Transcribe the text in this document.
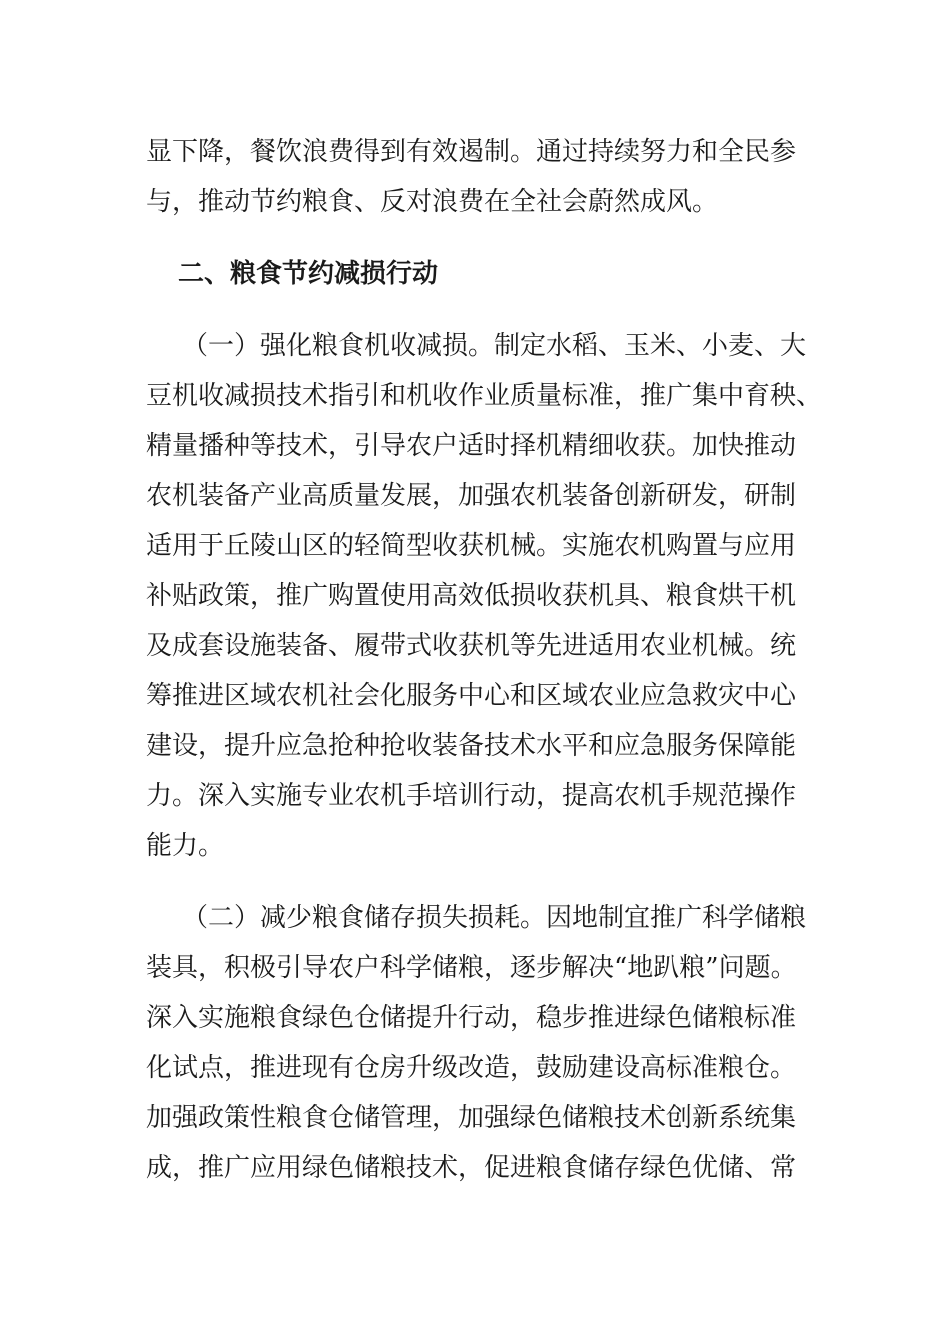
显下降，餐饮浪费得到有效遏制。通过持续努力和全民参
与，推动节约粮食、反对浪费在全社会蔚然成风。
二、粮食节约减损行动
（一）强化粮食机收减损。制定水稻、玉米、小麦、大
豆机收减损技术指引和机收作业质量标准，推广集中育秧、
精量播种等技术，引导农户适时择机精细收获。加快推动
农机装备产业高质量发展，加强农机装备创新研发，研制
适用于丘陵山区的轻简型收获机械。实施农机购置与应用
补贴政策，推广购置使用高效低损收获机具、粮食烘干机
及成套设施装备、履带式收获机等先进适用农业机械。统
筹推进区域农机社会化服务中心和区域农业应急救灾中心
建设，提升应急抢种抢收装备技术水平和应急服务保障能
力。深入实施专业农机手培训行动，提高农机手规范操作
能力。
（二）减少粮食储存损失损耗。因地制宜推广科学储粮
装具，积极引导农户科学储粮，逐步解决“地趴粮”问题。
深入实施粮食绿色仓储提升行动，稳步推进绿色储粮标准
化试点，推进现有仓房升级改造，鼓励建设高标准粮仓。
加强政策性粮食仓储管理，加强绿色储粮技术创新系统集
成，推广应用绿色储粮技术，促进粮食储存绿色优储、常
